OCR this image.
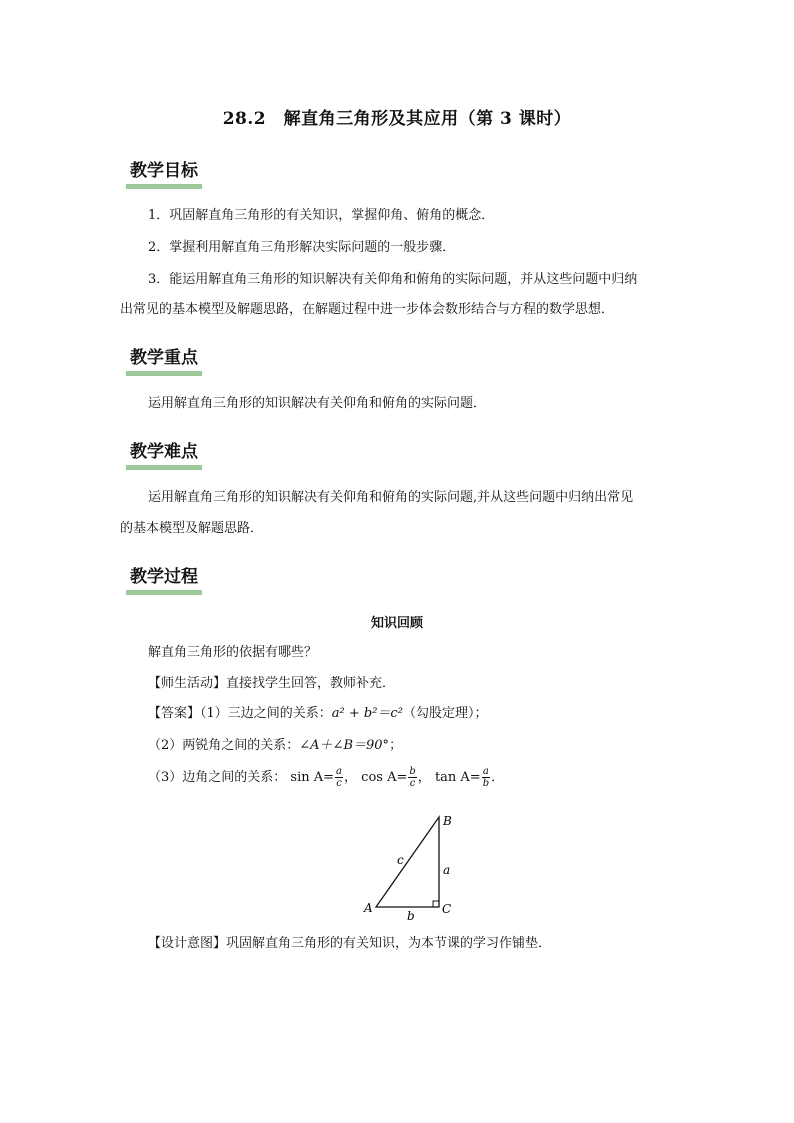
28.2　解直角三角形及其应用（第 3 课时）
教学目标
1．巩固解直角三角形的有关知识，掌握仰角、俯角的概念．
2．掌握利用解直角三角形解决实际问题的一般步骤．
3．能运用解直角三角形的知识解决有关仰角和俯角的实际问题，并从这些问题中归纳
出常见的基本模型及解题思路，在解题过程中进一步体会数形结合与方程的数学思想．
教学重点
运用解直角三角形的知识解决有关仰角和俯角的实际问题．
教学难点
运用解直角三角形的知识解决有关仰角和俯角的实际问题,并从这些问题中归纳出常见
的基本模型及解题思路．
教学过程
知识回顾
解直角三角形的依据有哪些？
【师生活动】直接找学生回答，教师补充．
【答案】（1）三边之间的关系：a² + b²＝c²（勾股定理）；
（2）两锐角之间的关系：∠A＋∠B＝90°；
（3）边角之间的关系： $\sin A= \frac{a}{c}$ ， $\cos A= \frac{b}{c}$ ， $\tan A= \frac{a}{b}$ ．
A
B
C
a
b
c
【设计意图】巩固解直角三角形的有关知识，为本节课的学习作铺垫．
